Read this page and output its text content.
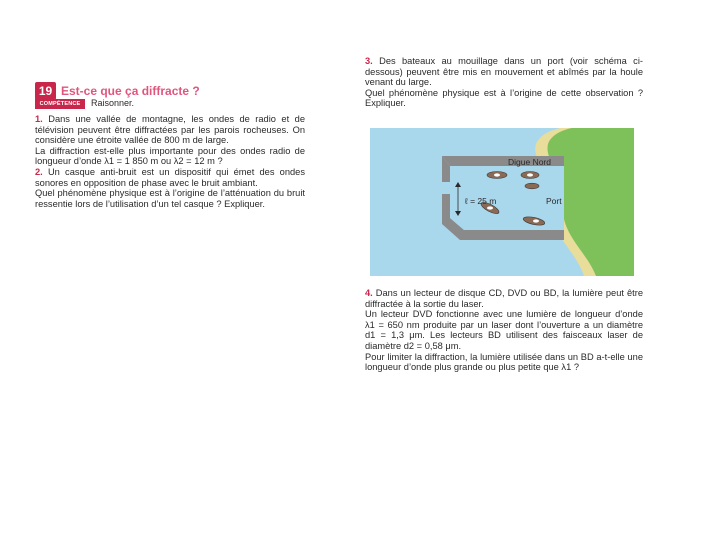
19 Est-ce que ça diffracte ?
COMPÉTENCE	Raisonner.

1. Dans une vallée de montagne, les ondes de radio et de télévision peuvent être diffractées par les parois rocheuses. On considère une étroite vallée de 800 m de large.

La diffraction est-elle plus importante pour des ondes radio de longueur d’onde λ1 = 1 850 m ou λ2 = 12 m ?

2. Un casque anti-bruit est un dispositif qui émet des ondes sonores en opposition de phase avec le bruit ambiant.

Quel phénomène physique est à l’origine de l’atténuation du bruit ressentie lors de l’utilisation d’un tel casque ? Expliquer.

3. Des bateaux au mouillage dans un port (voir schéma ci-dessous) peuvent être mis en mouvement et abîmés par la houle venant du large.

Quel phénomène physique est à l’origine de cette observation ? Expliquer.

Digue Nord
ℓ = 25 m	Port

4. Dans un lecteur de disque CD, DVD ou BD, la lumière peut être diffractée à la sortie du laser.

Un lecteur DVD fonctionne avec une lumière de longueur d’onde λ1 = 650 nm produite par un laser dont l’ouverture a un diamètre d1 = 1,3 μm. Les lecteurs BD utilisent des faisceaux laser de diamètre d2 = 0,58 μm.

Pour limiter la diffraction, la lumière utilisée dans un BD a-t-elle une longueur d’onde plus grande ou plus petite que λ1 ?
